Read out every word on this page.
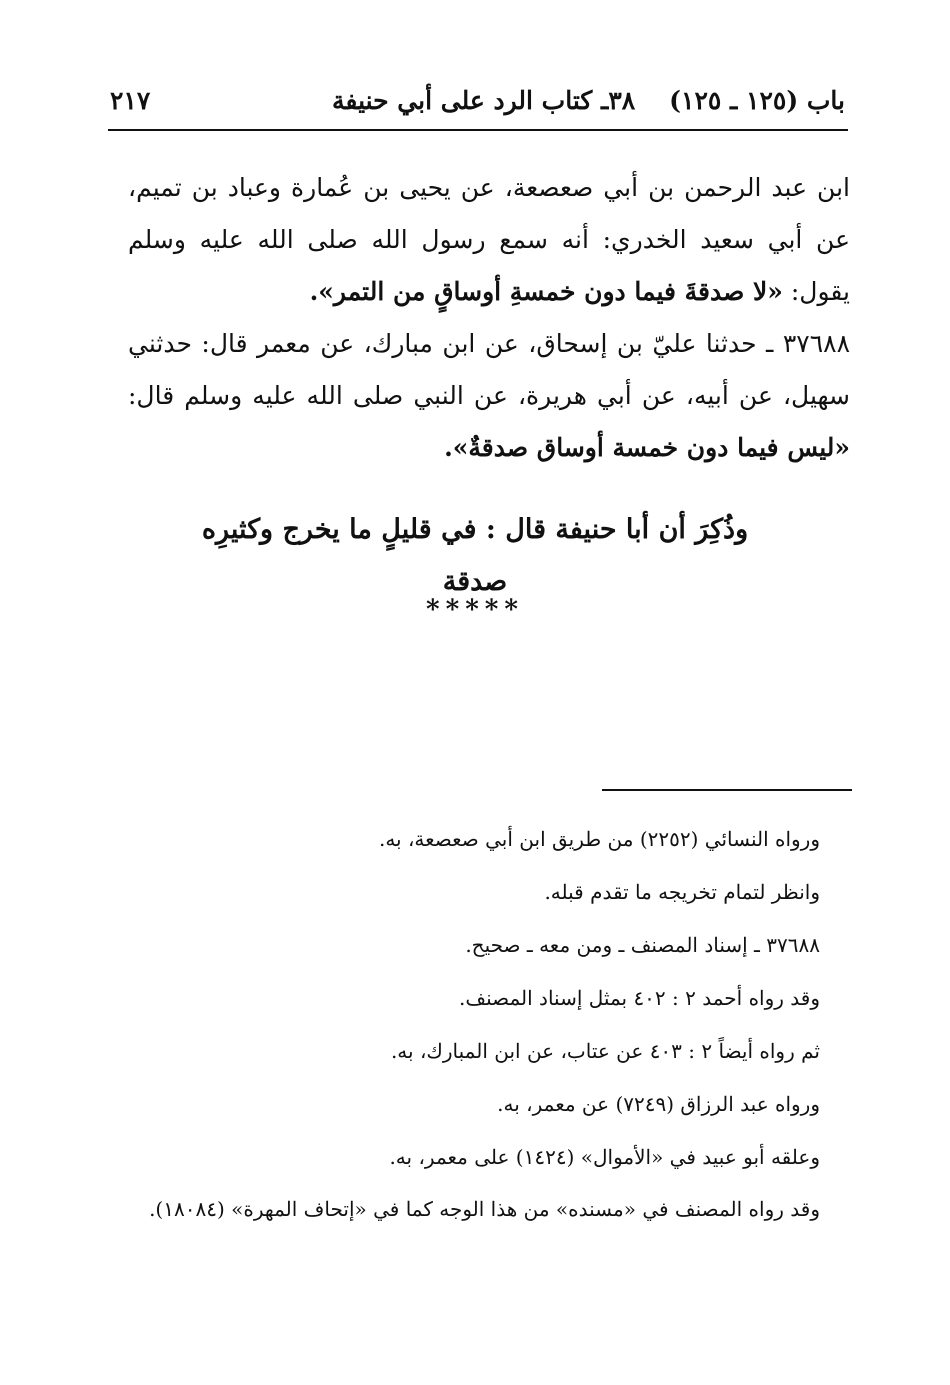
باب (١٢٥ ـ ١٢٥)
٣٨ـ كتاب الرد على أبي حنيفة
٢١٧
ابن عبد الرحمن بن أبي صعصعة، عن يحيى بن عُمارة وعباد بن تميم، عن أبي سعيد الخدري: أنه سمع رسول الله صلى الله عليه وسلم يقول: «لا صدقةَ فيما دون خمسةِ أوساقٍ من التمر».
٣٧٦٨٨ ـ حدثنا عليّ بن إسحاق، عن ابن مبارك، عن معمر قال: حدثني سهيل، عن أبيه، عن أبي هريرة، عن النبي صلى الله عليه وسلم قال: «ليس فيما دون خمسة أوساق صدقةٌ».
وذُكِرَ أن أبا حنيفة قال : في قليلٍ ما يخرج وكثيرِه صدقة
*****

ورواه النسائي (٢٢٥٢) من طريق ابن أبي صعصعة، به.

وانظر لتمام تخريجه ما تقدم قبله.

٣٧٦٨٨ ـ إسناد المصنف ـ ومن معه ـ صحيح.

وقد رواه أحمد ٢ : ٤٠٢ بمثل إسناد المصنف.

ثم رواه أيضاً ٢ : ٤٠٣ عن عتاب، عن ابن المبارك، به.

ورواه عبد الرزاق (٧٢٤٩) عن معمر، به.

وعلقه أبو عبيد في «الأموال» (١٤٢٤) على معمر، به.

وقد رواه المصنف في «مسنده» من هذا الوجه كما في «إتحاف المهرة» (١٨٠٨٤).
